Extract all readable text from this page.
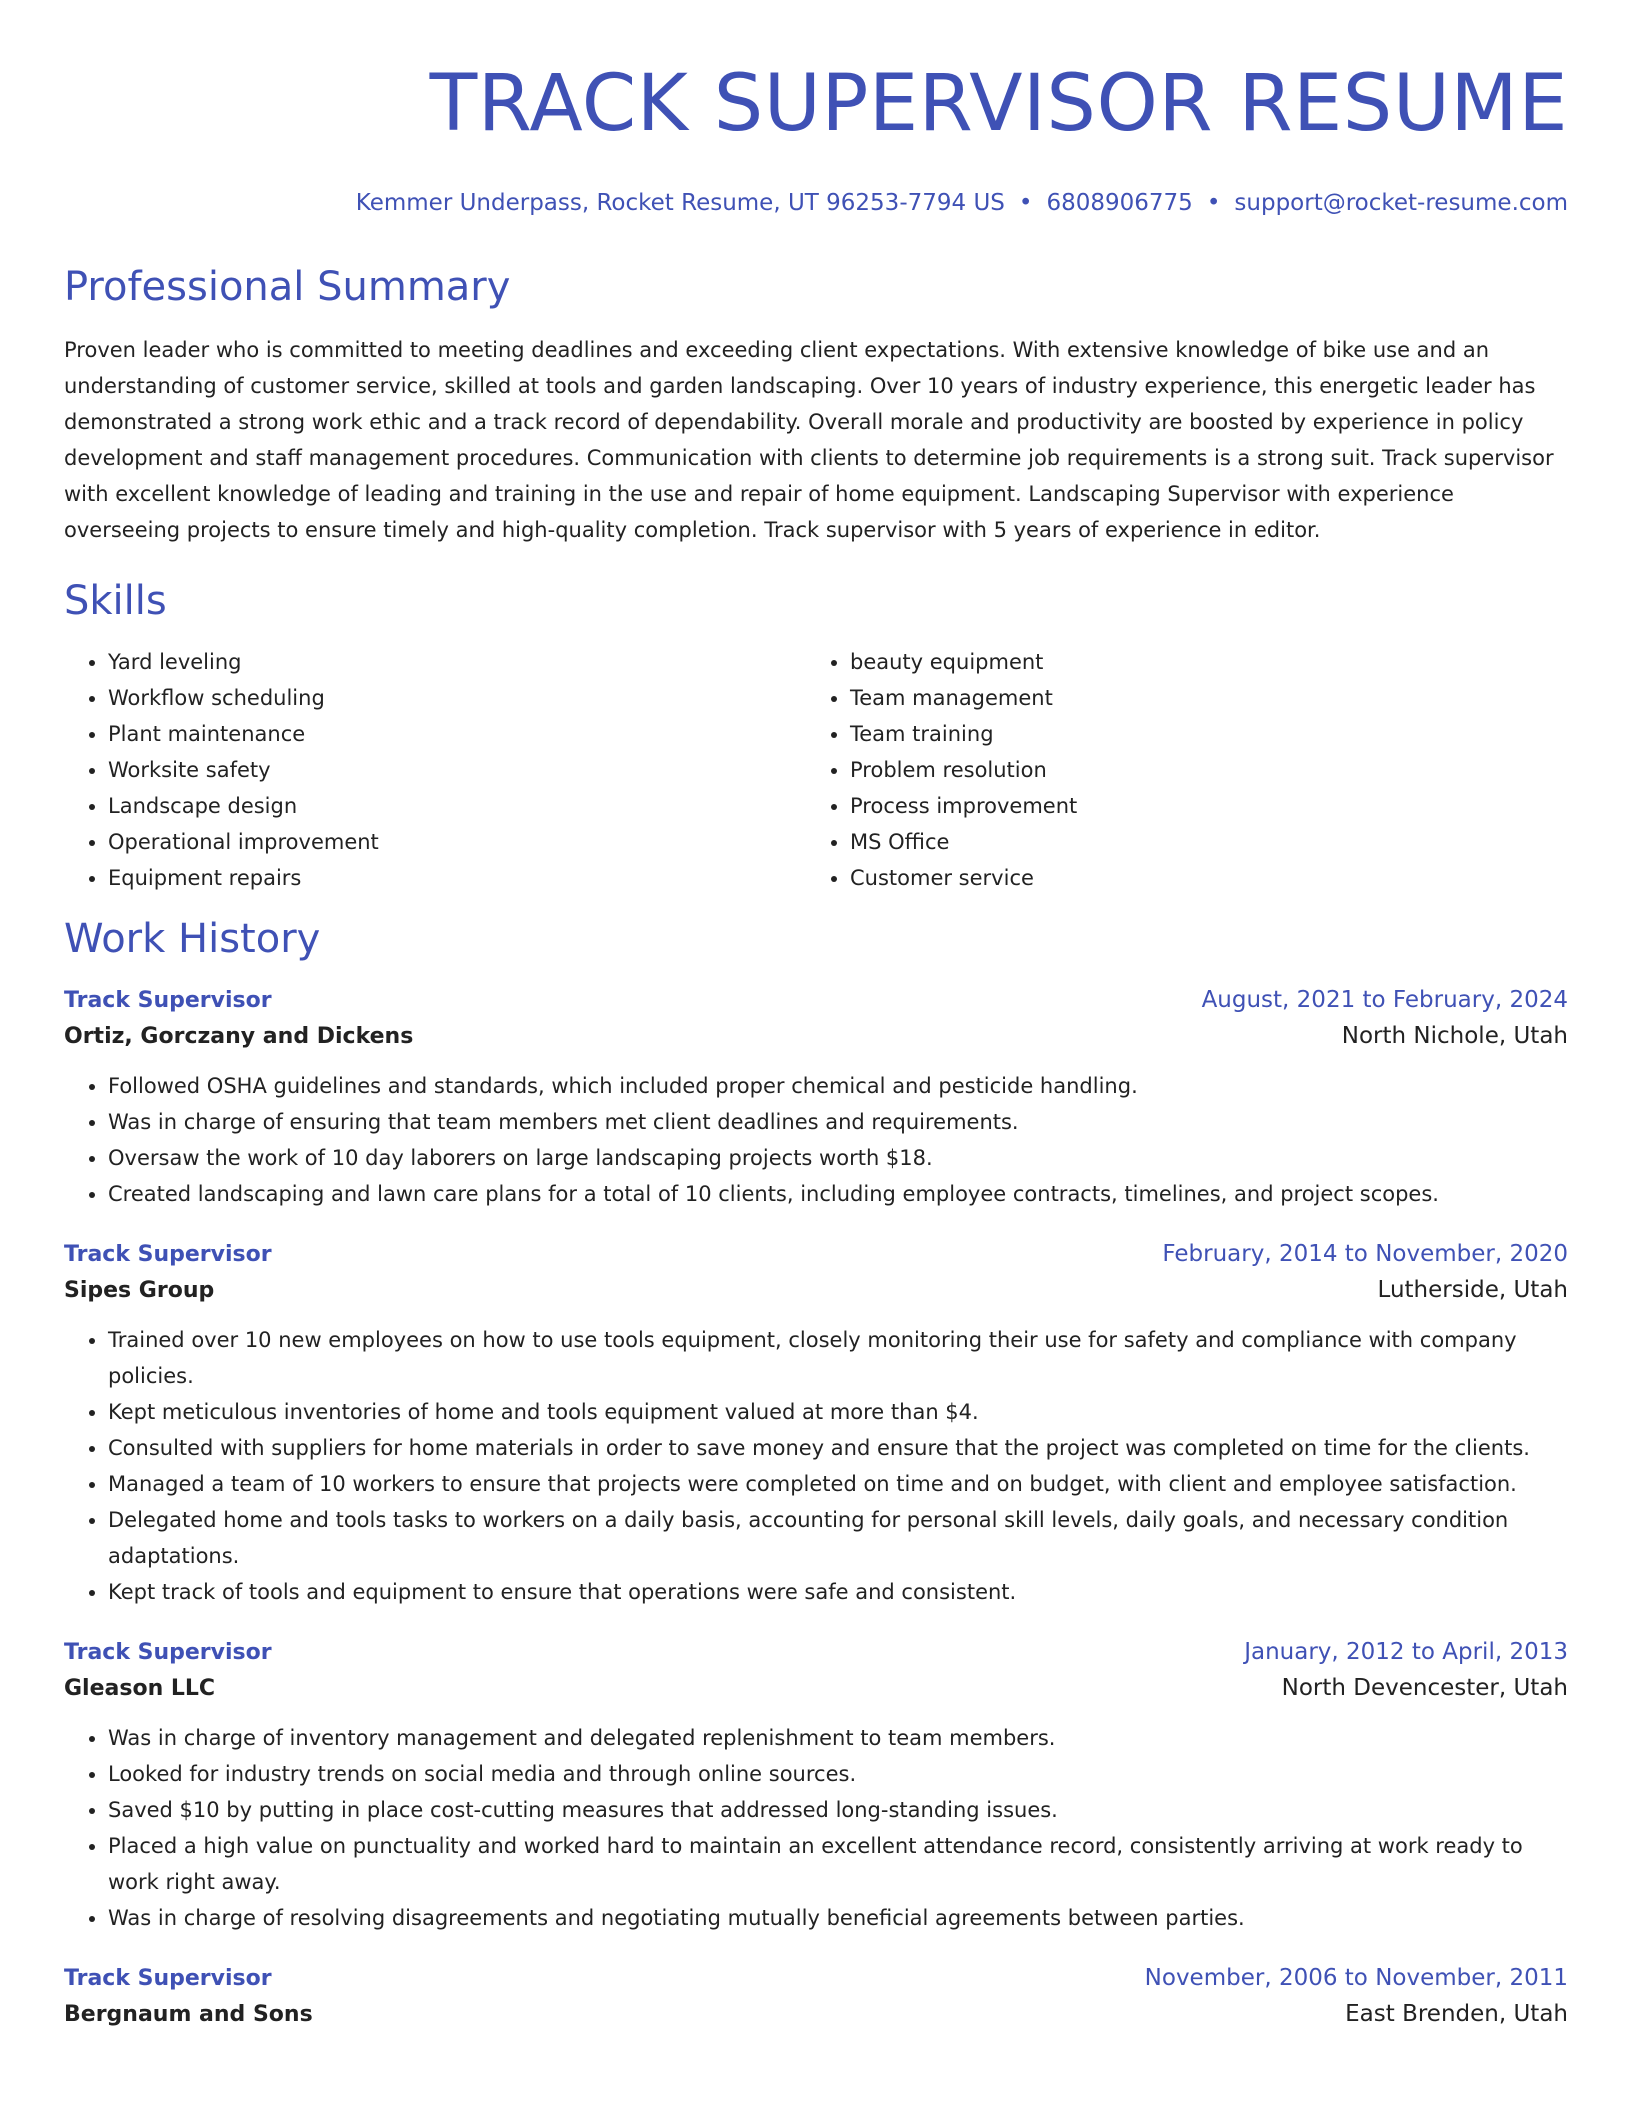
TRACK SUPERVISOR RESUME
Kemmer Underpass, Rocket Resume, UT 96253-7794 US • 6808906775 • support@rocket-resume.com
Professional Summary

Proven leader who is committed to meeting deadlines and exceeding client expectations. With extensive knowledge of bike use and an understanding of customer service, skilled at tools and garden landscaping. Over 10 years of industry experience, this energetic leader has demonstrated a strong work ethic and a track record of dependability. Overall morale and productivity are boosted by experience in policy development and staff management procedures. Communication with clients to determine job requirements is a strong suit. Track supervisor with excellent knowledge of leading and training in the use and repair of home equipment. Landscaping Supervisor with experience overseeing projects to ensure timely and high-quality completion. Track supervisor with 5 years of experience in editor.

Skills
• Yard leveling
• Workflow scheduling
• Plant maintenance
• Worksite safety
• Landscape design
• Operational improvement
• Equipment repairs
• beauty equipment
• Team management
• Team training
• Problem resolution
• Process improvement
• MS Office
• Customer service
Work History
Track Supervisor	August, 2021 to February, 2024
Ortiz, Gorczany and Dickens	North Nichole, Utah
• Followed OSHA guidelines and standards, which included proper chemical and pesticide handling.
• Was in charge of ensuring that team members met client deadlines and requirements.
• Oversaw the work of 10 day laborers on large landscaping projects worth $18.
• Created landscaping and lawn care plans for a total of 10 clients, including employee contracts, timelines, and project scopes.
Track Supervisor	February, 2014 to November, 2020
Sipes Group	Lutherside, Utah
• Trained over 10 new employees on how to use tools equipment, closely monitoring their use for safety and compliance with company policies.
• Kept meticulous inventories of home and tools equipment valued at more than $4.
• Consulted with suppliers for home materials in order to save money and ensure that the project was completed on time for the clients.
• Managed a team of 10 workers to ensure that projects were completed on time and on budget, with client and employee satisfaction.
• Delegated home and tools tasks to workers on a daily basis, accounting for personal skill levels, daily goals, and necessary condition adaptations.
• Kept track of tools and equipment to ensure that operations were safe and consistent.
Track Supervisor	January, 2012 to April, 2013
Gleason LLC	North Devencester, Utah
• Was in charge of inventory management and delegated replenishment to team members.
• Looked for industry trends on social media and through online sources.
• Saved $10 by putting in place cost-cutting measures that addressed long-standing issues.
• Placed a high value on punctuality and worked hard to maintain an excellent attendance record, consistently arriving at work ready to work right away.
• Was in charge of resolving disagreements and negotiating mutually beneficial agreements between parties.
Track Supervisor	November, 2006 to November, 2011
Bergnaum and Sons	East Brenden, Utah
